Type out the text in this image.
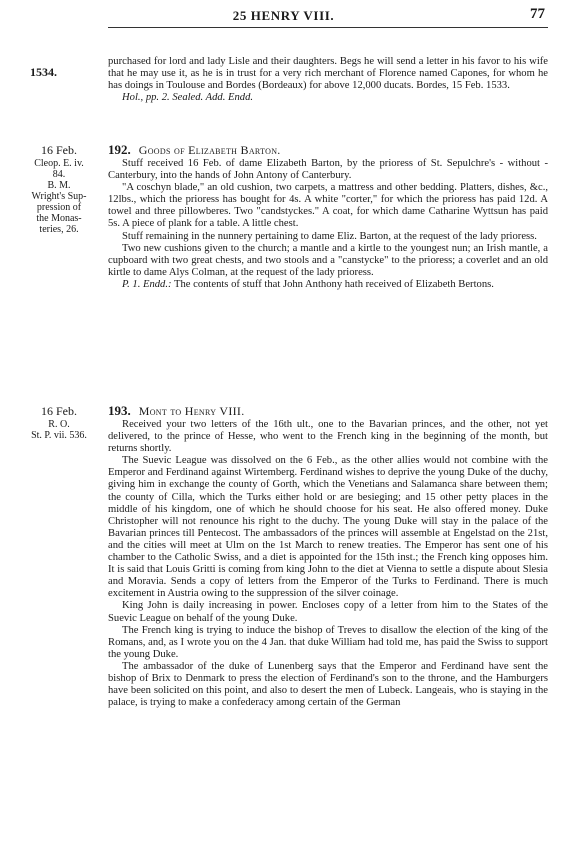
25 HENRY VIII.	77
1534.

purchased for lord and lady Lisle and their daughters. Begs he will send a letter in his favor to his wife that he may use it, as he is in trust for a very rich merchant of Florence named Capones, for whom he has doings in Toulouse and Bordes (Bordeaux) for above 12,000 ducats. Bordes, 15 Feb. 1533.

Hol., pp. 2. Sealed. Add. Endd.

16 Feb.
Cleop. E. iv.
84.
B. M.
Wright's Sup-
pression of
the Monas-
teries, 26.

192. Goods of Elizabeth Barton.

Stuff received 16 Feb. of dame Elizabeth Barton, by the prioress of St. Sepulchre's - without - Canterbury, into the hands of John Antony of Canterbury.

"A coschyn blade," an old cushion, two carpets, a mattress and other bedding. Platters, dishes, &c., 12lbs., which the prioress has bought for 4s. A white "corter," for which the prioress has paid 12d. A towel and three pillowberes. Two "candstyckes." A coat, for which dame Catharine Wyttsun has paid 5s. A piece of plank for a table. A little chest.

Stuff remaining in the nunnery pertaining to dame Eliz. Barton, at the request of the lady prioress.

Two new cushions given to the church; a mantle and a kirtle to the youngest nun; an Irish mantle, a cupboard with two great chests, and two stools and a "canstycke" to the prioress; a coverlet and an old kirtle to dame Alys Colman, at the request of the lady prioress.

P. 1. Endd.: The contents of stuff that John Anthony hath received of Elizabeth Bertons.

16 Feb.
R. O.
St. P. vii. 536.

193. Mont to Henry VIII.

Received your two letters of the 16th ult., one to the Bavarian princes, and the other, not yet delivered, to the prince of Hesse, who went to the French king in the beginning of the month, but returns shortly.

The Suevic League was dissolved on the 6 Feb., as the other allies would not combine with the Emperor and Ferdinand against Wirtemberg. Ferdinand wishes to deprive the young Duke of the duchy, giving him in exchange the county of Gorth, which the Venetians and Salamanca share between them; the county of Cilla, which the Turks either hold or are besieging; and 15 other petty places in the middle of his kingdom, one of which he should choose for his seat. He also offered money. Duke Christopher will not renounce his right to the duchy. The young Duke will stay in the palace of the Bavarian princes till Pentecost. The ambassadors of the princes will assemble at Engelstad on the 21st, and the cities will meet at Ulm on the 1st March to renew treaties. The Emperor has sent one of his chamber to the Catholic Swiss, and a diet is appointed for the 15th inst.; the French king opposes him. It is said that Louis Gritti is coming from king John to the diet at Vienna to settle a dispute about Slesia and Moravia. Sends a copy of letters from the Emperor of the Turks to Ferdinand. There is much excitement in Austria owing to the suppression of the silver coinage.

King John is daily increasing in power. Encloses copy of a letter from him to the States of the Suevic League on behalf of the young Duke.

The French king is trying to induce the bishop of Treves to disallow the election of the king of the Romans, and, as I wrote you on the 4 Jan. that duke William had told me, has paid the Swiss to support the young Duke.

The ambassador of the duke of Lunenberg says that the Emperor and Ferdinand have sent the bishop of Brix to Denmark to press the election of Ferdinand's son to the throne, and the Hamburgers have been solicited on this point, and also to desert the men of Lubeck. Langeais, who is staying in the palace, is trying to make a confederacy among certain of the German
